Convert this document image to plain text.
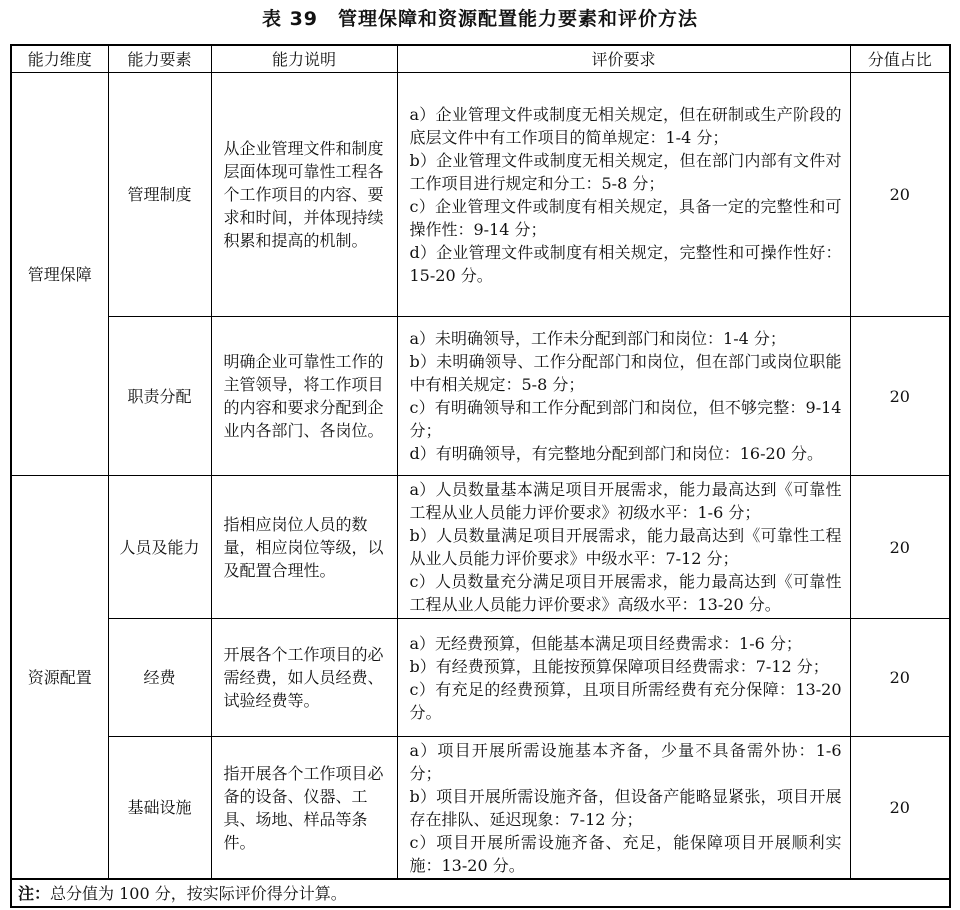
表 39　管理保障和资源配置能力要素和评价方法
能力维度	能力要素	能力说明	评价要求	分值占比
管理保障	管理制度	从企业管理文件和制度层面体现可靠性工程各个工作项目的内容、要求和时间，并体现持续积累和提高的机制。	a）企业管理文件或制度无相关规定，但在研制或生产阶段的底层文件中有工作项目的简单规定：1-4 分；
b）企业管理文件或制度无相关规定，但在部门内部有文件对工作项目进行规定和分工：5-8 分；
c）企业管理文件或制度有相关规定，具备一定的完整性和可操作性：9-14 分；
d）企业管理文件或制度有相关规定，完整性和可操作性好：15-20 分。	20
	职责分配	明确企业可靠性工作的主管领导，将工作项目的内容和要求分配到企业内各部门、各岗位。	a）未明确领导，工作未分配到部门和岗位：1-4 分；
b）未明确领导、工作分配部门和岗位，但在部门或岗位职能中有相关规定：5-8 分；
c）有明确领导和工作分配到部门和岗位，但不够完整：9-14 分；
d）有明确领导，有完整地分配到部门和岗位：16-20 分。	20
资源配置	人员及能力	指相应岗位人员的数量，相应岗位等级，以及配置合理性。	a）人员数量基本满足项目开展需求，能力最高达到《可靠性工程从业人员能力评价要求》初级水平：1-6 分；
b）人员数量满足项目开展需求，能力最高达到《可靠性工程从业人员能力评价要求》中级水平：7-12 分；
c）人员数量充分满足项目开展需求，能力最高达到《可靠性工程从业人员能力评价要求》高级水平：13-20 分。	20
	经费	开展各个工作项目的必需经费，如人员经费、试验经费等。	a）无经费预算，但能基本满足项目经费需求：1-6 分；
b）有经费预算，且能按预算保障项目经费需求：7-12 分；
c）有充足的经费预算，且项目所需经费有充分保障：13-20 分。	20
	基础设施	指开展各个工作项目必备的设备、仪器、工具、场地、样品等条件。	a）项目开展所需设施基本齐备，少量不具备需外协：1-6 分；
b）项目开展所需设施齐备，但设备产能略显紧张，项目开展存在排队、延迟现象：7-12 分；
c）项目开展所需设施齐备、充足，能保障项目开展顺利实施：13-20 分。	20
注：总分值为 100 分，按实际评价得分计算。				
